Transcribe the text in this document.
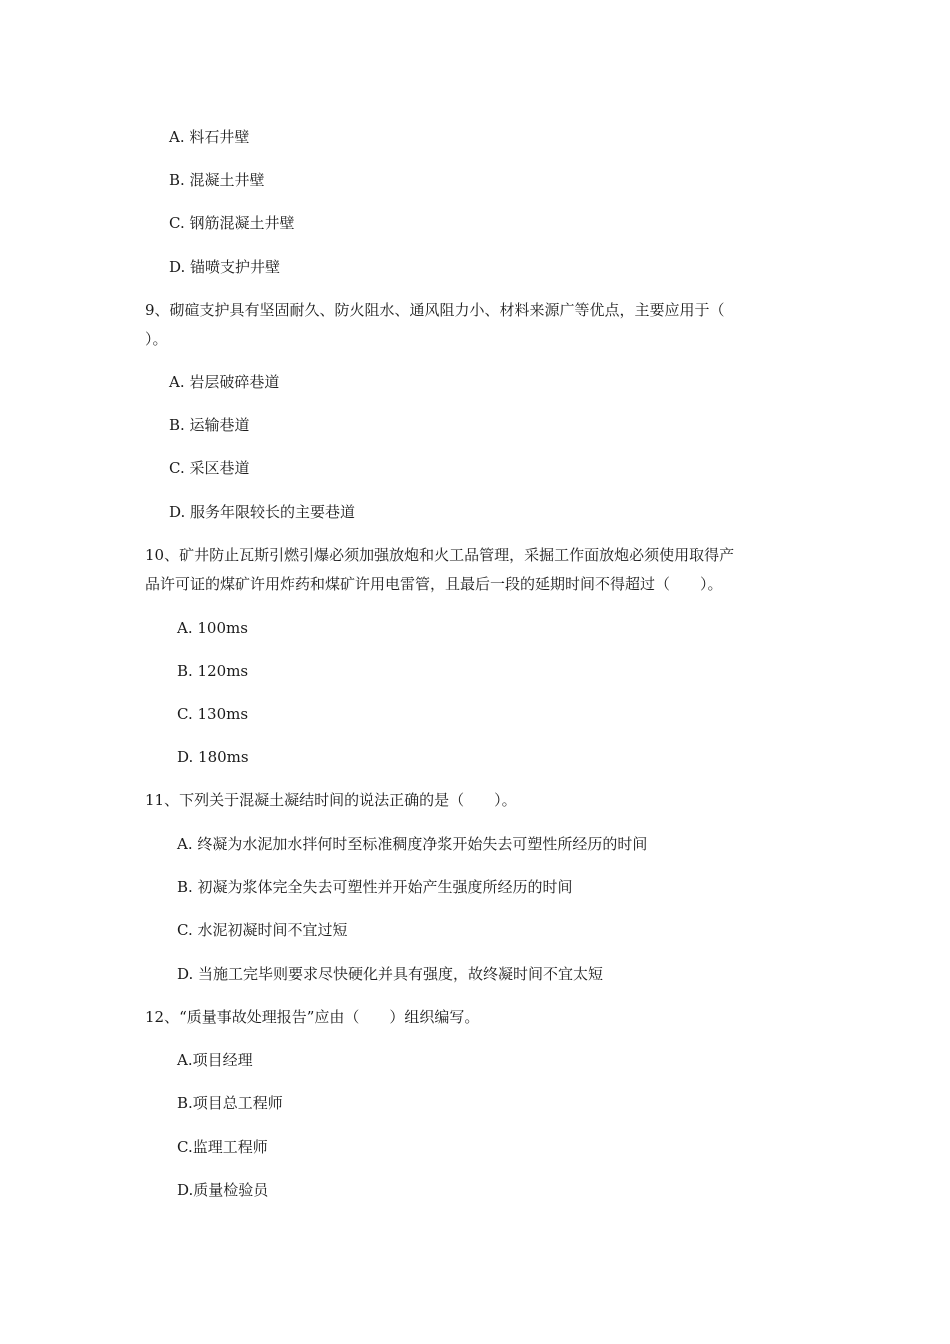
A. 料石井壁
B. 混凝土井壁
C. 钢筋混凝土井壁
D. 锚喷支护井壁
9、砌碹支护具有坚固耐久、防火阻水、通风阻力小、材料来源广等优点，主要应用于（
）。
A. 岩层破碎巷道
B. 运输巷道
C. 采区巷道
D. 服务年限较长的主要巷道
10、矿井防止瓦斯引燃引爆必须加强放炮和火工品管理，采掘工作面放炮必须使用取得产
品许可证的煤矿许用炸药和煤矿许用电雷管，且最后一段的延期时间不得超过（　　）。
A. 100ms
B. 120ms
C. 130ms
D. 180ms
11、下列关于混凝土凝结时间的说法正确的是（　　）。
A. 终凝为水泥加水拌何时至标准稠度净浆开始失去可塑性所经历的时间
B. 初凝为浆体完全失去可塑性并开始产生强度所经历的时间
C. 水泥初凝时间不宜过短
D. 当施工完毕则要求尽快硬化并具有强度，故终凝时间不宜太短
12、“质量事故处理报告”应由（　　）组织编写。
A.项目经理
B.项目总工程师
C.监理工程师
D.质量检验员
